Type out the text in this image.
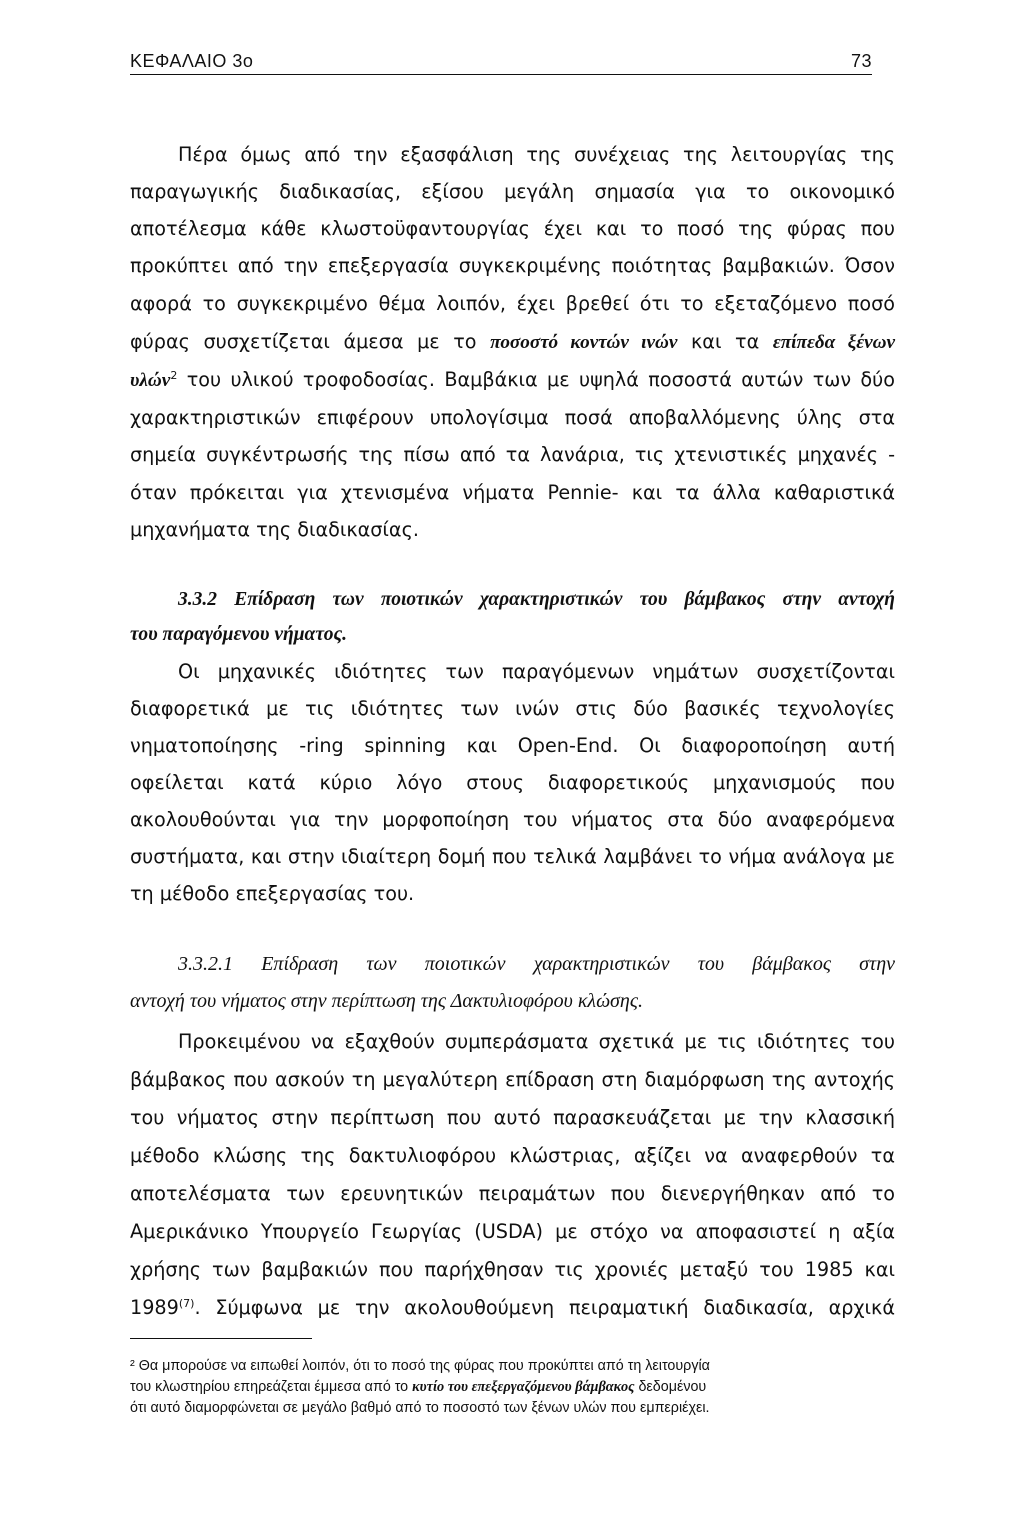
ΚΕΦΑΛΑΙΟ 3ο	73
Πέρα όμως από την εξασφάλιση της συνέχειας της λειτουργίας της
παραγωγικής διαδικασίας, εξίσου μεγάλη σημασία για το οικονομικό
αποτέλεσμα κάθε κλωστοϋφαντουργίας έχει και το ποσό της φύρας που
προκύπτει από την επεξεργασία συγκεκριμένης ποιότητας βαμβακιών. Όσον
αφορά το συγκεκριμένο θέμα λοιπόν, έχει βρεθεί ότι το εξεταζόμενο ποσό
φύρας συσχετίζεται άμεσα με το ποσοστό κοντών ινών και τα επίπεδα ξένων
υλών$^2$ του υλικού τροφοδοσίας. Βαμβάκια με υψηλά ποσοστά αυτών των δύο
χαρακτηριστικών επιφέρουν υπολογίσιμα ποσά αποβαλλόμενης ύλης στα
σημεία συγκέντρωσής της πίσω από τα λανάρια, τις χτενιστικές μηχανές -
όταν πρόκειται για χτενισμένα νήματα Pennie- και τα άλλα καθαριστικά
μηχανήματα της διαδικασίας.
3.3.2 Επίδραση των ποιοτικών χαρακτηριστικών του βάμβακος στην αντοχή
του παραγόμενου νήματος.
Οι μηχανικές ιδιότητες των παραγόμενων νημάτων συσχετίζονται
διαφορετικά με τις ιδιότητες των ινών στις δύο βασικές τεχνολογίες
νηματοποίησης -ring spinning και Open-End. Οι διαφοροποίηση αυτή
οφείλεται κατά κύριο λόγο στους διαφορετικούς μηχανισμούς που
ακολουθούνται για την μορφοποίηση του νήματος στα δύο αναφερόμενα
συστήματα, και στην ιδιαίτερη δομή που τελικά λαμβάνει το νήμα ανάλογα με
τη μέθοδο επεξεργασίας του.
3.3.2.1 Επίδραση των ποιοτικών χαρακτηριστικών του βάμβακος στην
αντοχή του νήματος στην περίπτωση της Δακτυλιοφόρου κλώσης.
Προκειμένου να εξαχθούν συμπεράσματα σχετικά με τις ιδιότητες του
βάμβακος που ασκούν τη μεγαλύτερη επίδραση στη διαμόρφωση της αντοχής
του νήματος στην περίπτωση που αυτό παρασκευάζεται με την κλασσική
μέθοδο κλώσης της δακτυλιοφόρου κλώστριας, αξίζει να αναφερθούν τα
αποτελέσματα των ερευνητικών πειραμάτων που διενεργήθηκαν από το
Αμερικάνικο Υπουργείο Γεωργίας (USDA) με στόχο να αποφασιστεί η αξία
χρήσης των βαμβακιών που παρήχθησαν τις χρονιές μεταξύ του 1985 και
1989$^{(7)}$. Σύμφωνα με την ακολουθούμενη πειραματική διαδικασία, αρχικά
² Θα μπορούσε να ειπωθεί λοιπόν, ότι το ποσό της φύρας που προκύπτει από τη λειτουργία
του κλωστηρίου επηρεάζεται έμμεσα από το κυτίο του επεξεργαζόμενου βάμβακος δεδομένου
ότι αυτό διαμορφώνεται σε μεγάλο βαθμό από το ποσοστό των ξένων υλών που εμπεριέχει.
